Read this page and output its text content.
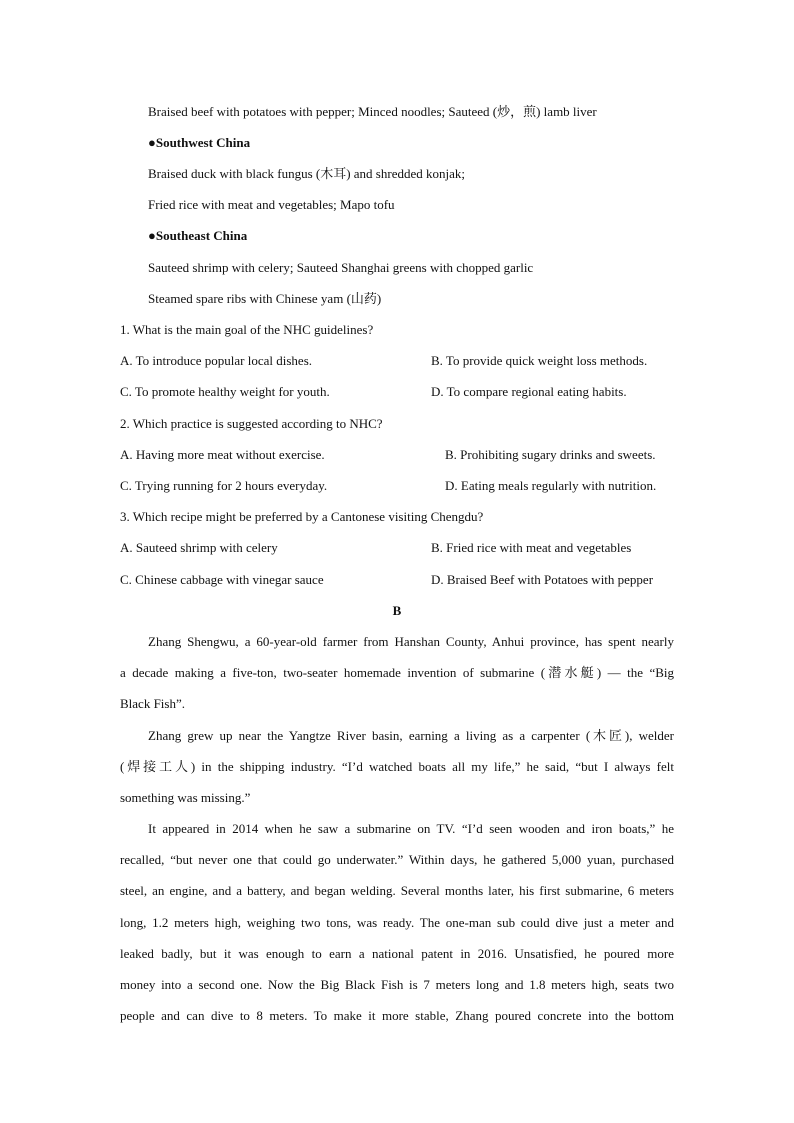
Braised beef with potatoes with pepper; Minced noodles; Sauteed (炒，煎) lamb liver
●Southwest China
Braised duck with black fungus (木耳) and shredded konjak;
Fried rice with meat and vegetables; Mapo tofu
●Southeast China
Sauteed shrimp with celery; Sauteed Shanghai greens with chopped garlic
Steamed spare ribs with Chinese yam (山药)
1. What is the main goal of the NHC guidelines?
A. To introduce popular local dishes.	B. To provide quick weight loss methods.
C. To promote healthy weight for youth.	D. To compare regional eating habits.
2. Which practice is suggested according to NHC?
A. Having more meat without exercise.	B. Prohibiting sugary drinks and sweets.
C. Trying running for 2 hours everyday.	D. Eating meals regularly with nutrition.
3. Which recipe might be preferred by a Cantonese visiting Chengdu?
A. Sauteed shrimp with celery	B. Fried rice with meat and vegetables
C. Chinese cabbage with vinegar sauce	D. Braised Beef with Potatoes with pepper
B
Zhang Shengwu, a 60-year-old farmer from Hanshan County, Anhui province, has spent nearly
a decade making a five-ton, two-seater homemade invention of submarine (潜水艇) — the “Big
Black Fish”.
Zhang grew up near the Yangtze River basin, earning a living as a carpenter (木匠), welder
(焊接工人) in the shipping industry. “I’d watched boats all my life,” he said, “but I always felt
something was missing.”
It appeared in 2014 when he saw a submarine on TV. “I’d seen wooden and iron boats,” he
recalled, “but never one that could go underwater.” Within days, he gathered 5,000 yuan, purchased
steel, an engine, and a battery, and began welding. Several months later, his first submarine, 6 meters
long, 1.2 meters high, weighing two tons, was ready. The one-man sub could dive just a meter and
leaked badly, but it was enough to earn a national patent in 2016. Unsatisfied, he poured more
money into a second one. Now the Big Black Fish is 7 meters long and 1.8 meters high, seats two
people and can dive to 8 meters. To make it more stable, Zhang poured concrete into the bottom
